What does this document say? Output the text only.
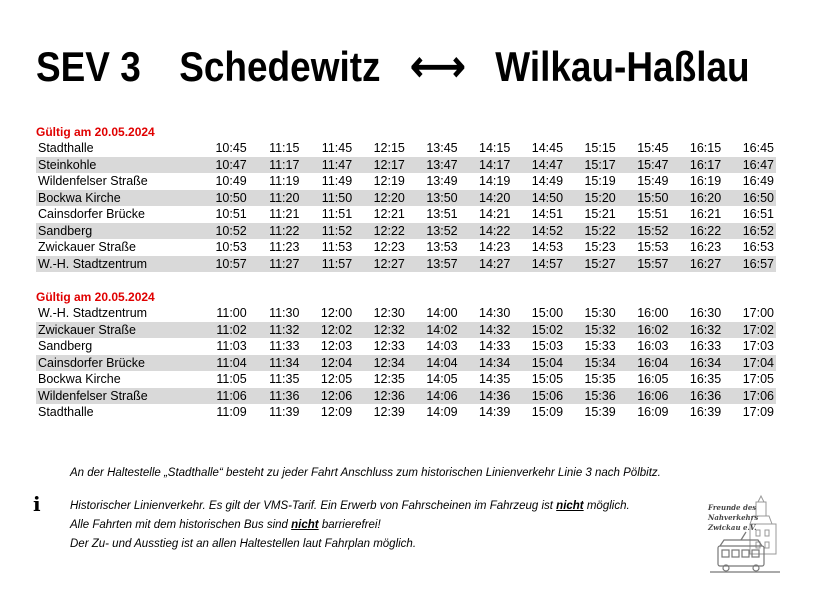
SEV 3 Schedewitz ⟷ Wilkau-Haßlau
Gültig am 20.05.2024
Stadthalle	10:45	11:15	11:45	12:15	13:45	14:15	14:45	15:15	15:45	16:15	16:45
Steinkohle	10:47	11:17	11:47	12:17	13:47	14:17	14:47	15:17	15:47	16:17	16:47
Wildenfelser Straße	10:49	11:19	11:49	12:19	13:49	14:19	14:49	15:19	15:49	16:19	16:49
Bockwa Kirche	10:50	11:20	11:50	12:20	13:50	14:20	14:50	15:20	15:50	16:20	16:50
Cainsdorfer Brücke	10:51	11:21	11:51	12:21	13:51	14:21	14:51	15:21	15:51	16:21	16:51
Sandberg	10:52	11:22	11:52	12:22	13:52	14:22	14:52	15:22	15:52	16:22	16:52
Zwickauer Straße	10:53	11:23	11:53	12:23	13:53	14:23	14:53	15:23	15:53	16:23	16:53
W.-H. Stadtzentrum	10:57	11:27	11:57	12:27	13:57	14:27	14:57	15:27	15:57	16:27	16:57
Gültig am 20.05.2024
W.-H. Stadtzentrum	11:00	11:30	12:00	12:30	14:00	14:30	15:00	15:30	16:00	16:30	17:00
Zwickauer Straße	11:02	11:32	12:02	12:32	14:02	14:32	15:02	15:32	16:02	16:32	17:02
Sandberg	11:03	11:33	12:03	12:33	14:03	14:33	15:03	15:33	16:03	16:33	17:03
Cainsdorfer Brücke	11:04	11:34	12:04	12:34	14:04	14:34	15:04	15:34	16:04	16:34	17:04
Bockwa Kirche	11:05	11:35	12:05	12:35	14:05	14:35	15:05	15:35	16:05	16:35	17:05
Wildenfelser Straße	11:06	11:36	12:06	12:36	14:06	14:36	15:06	15:36	16:06	16:36	17:06
Stadthalle	11:09	11:39	12:09	12:39	14:09	14:39	15:09	15:39	16:09	16:39	17:09
An der Haltestelle „Stadthalle“ besteht zu jeder Fahrt Anschluss zum historischen Linienverkehr Linie 3 nach Pölbitz.
i	Historischer Linienverkehr. Es gilt der VMS-Tarif. Ein Erwerb von Fahrscheinen im Fahrzeug ist nicht möglich.
Alle Fahrten mit dem historischen Bus sind nicht barrierefrei!
Der Zu- und Ausstieg ist an allen Haltestellen laut Fahrplan möglich.
Freunde des
Nahverkehrs
Zwickau e.V.
